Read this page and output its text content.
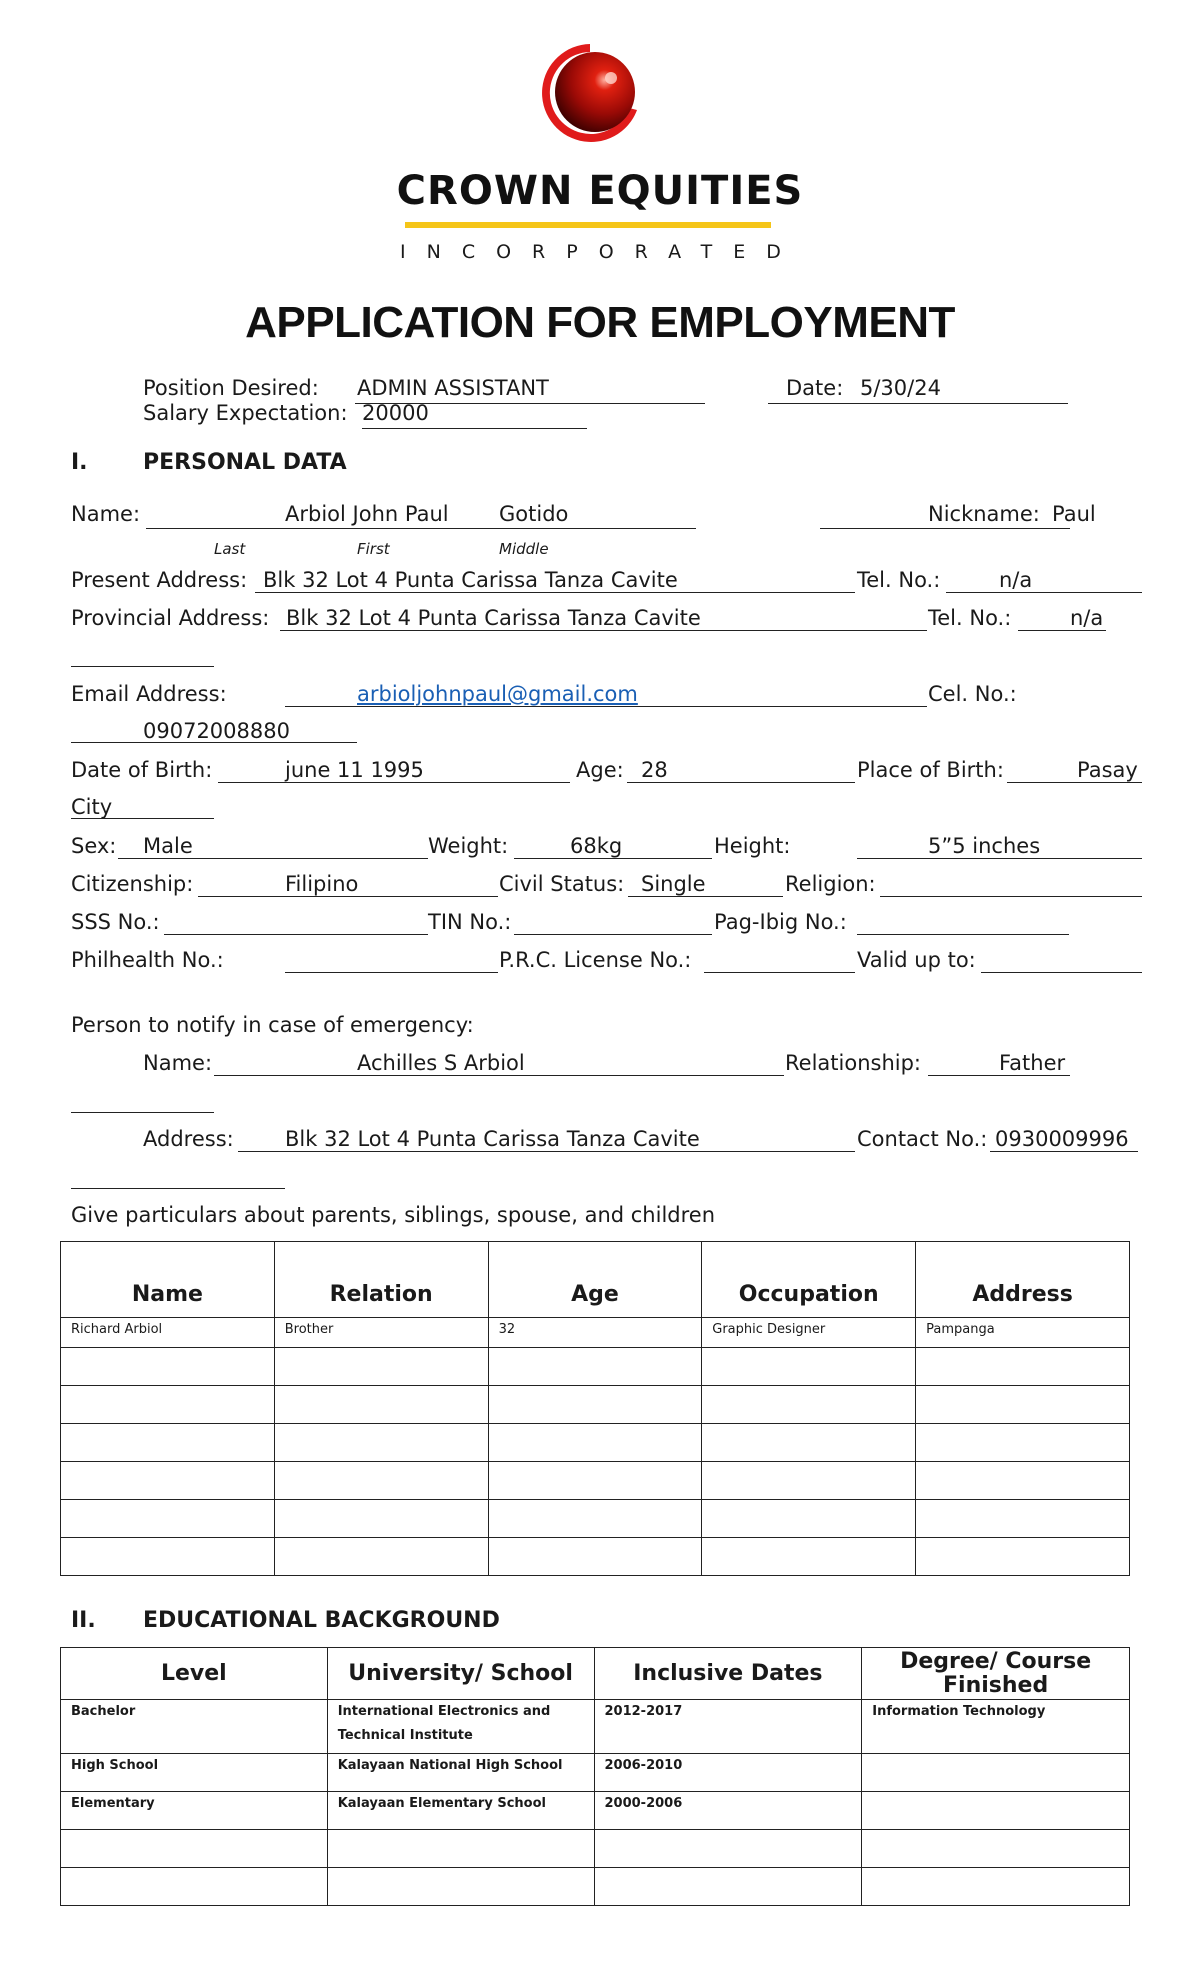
CROWN EQUITIES
INCORPORATED
APPLICATION FOR EMPLOYMENT
Position Desired: ADMIN ASSISTANT	Date: 5/30/24
Salary Expectation: 20000
I.	PERSONAL DATA
Name:	Arbiol John Paul Gotido	Nickname: Paul
Last	First	Middle
Present Address: Blk 32 Lot 4 Punta Carissa Tanza Cavite	Tel. No.:	n/a
Provincial Address: Blk 32 Lot 4 Punta Carissa Tanza Cavite	Tel. No.:	n/a
Email Address:	arbioljohnpaul@gmail.com	Cel. No.:
09072008880
Date of Birth:	june 11 1995	Age: 28	Place of Birth:	Pasay
City
Sex: Male	Weight:	68kg	Height:	5”5 inches
Citizenship:	Filipino	Civil Status: Single	Religion:
SSS No.:	TIN No.:	Pag-Ibig No.:
Philhealth No.:	P.R.C. License No.:	Valid up to:
Person to notify in case of emergency:
Name:	Achilles S Arbiol	Relationship:	Father
Address: Blk 32 Lot 4 Punta Carissa Tanza Cavite	Contact No.: 0930009996
Give particulars about parents, siblings, spouse, and children
Name	Relation	Age	Occupation	Address
Richard Arbiol	Brother	32	Graphic Designer	Pampanga

II. EDUCATIONAL BACKGROUND
Level	University/ School	Inclusive Dates	Degree/ Course Finished
Bachelor	International Electronics and Technical Institute	2012-2017	Information Technology
High School	Kalayaan National High School	2006-2010	
Elementary	Kalayaan Elementary School	2000-2006	
